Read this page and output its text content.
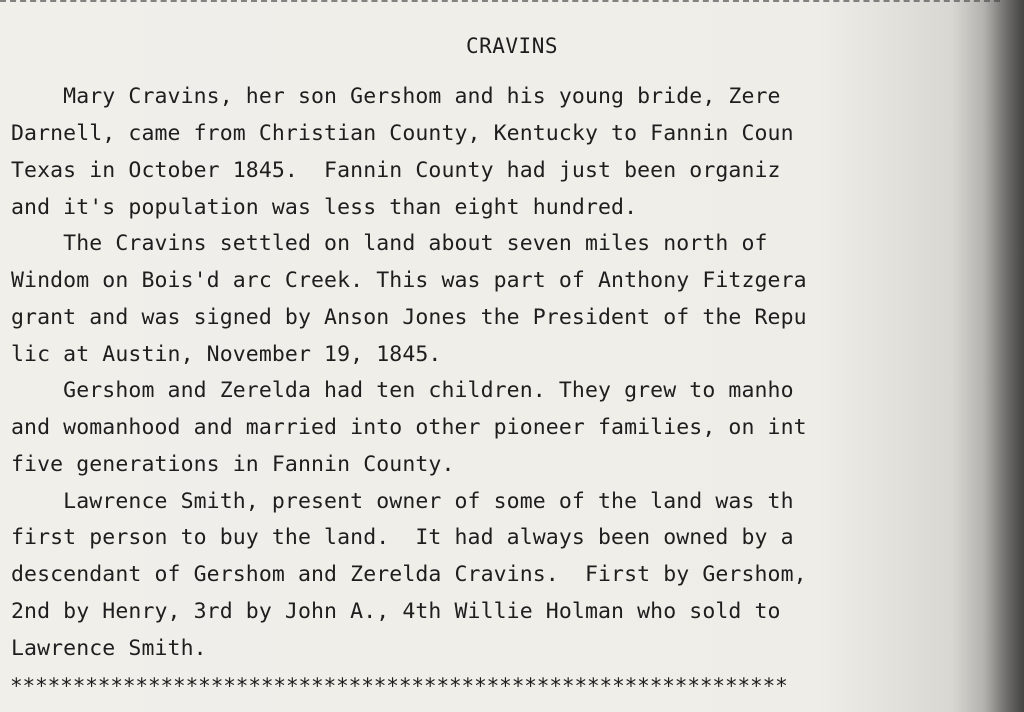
CRAVINS
Mary Cravins, her son Gershom and his young bride, Zere
Darnell, came from Christian County, Kentucky to Fannin Coun
Texas in October 1845.  Fannin County had just been organiz
and it's population was less than eight hundred.
The Cravins settled on land about seven miles north of
Windom on Bois'd arc Creek. This was part of Anthony Fitzgera
grant and was signed by Anson Jones the President of the Repu
lic at Austin, November 19, 1845.
Gershom and Zerelda had ten children. They grew to manho
and womanhood and married into other pioneer families, on int
five generations in Fannin County.
Lawrence Smith, present owner of some of the land was th
first person to buy the land.  It had always been owned by a
descendant of Gershom and Zerelda Cravins.  First by Gershom,
2nd by Henry, 3rd by John A., 4th Willie Holman who sold to
Lawrence Smith.
**************************************************************
